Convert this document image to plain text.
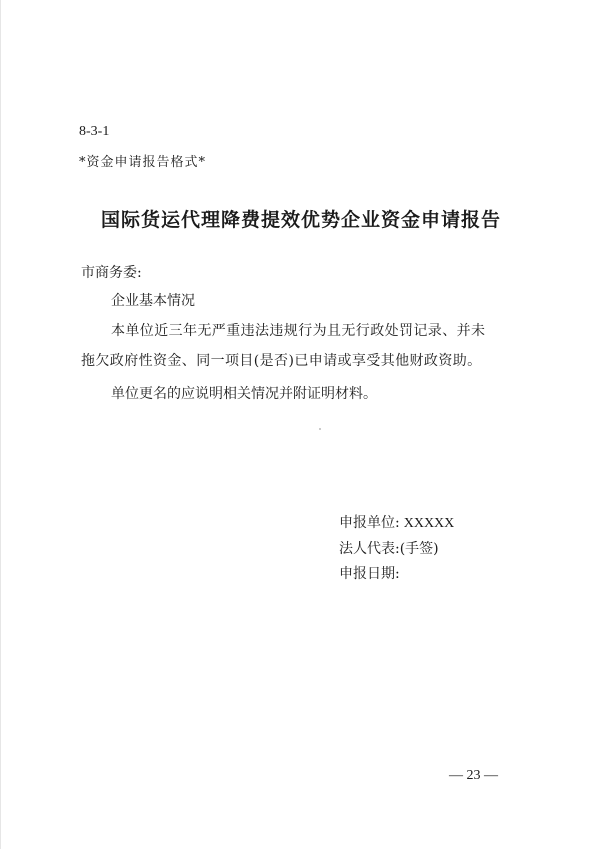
8-3-1
*资金申请报告格式*
国际货运代理降费提效优势企业资金申请报告
市商务委:
企业基本情况
本单位近三年无严重违法违规行为且无行政处罚记录、并未
拖欠政府性资金、同一项目(是否)已申请或享受其他财政资助。
单位更名的应说明相关情况并附证明材料。
申报单位: XXXXX
法人代表:(手签)
申报日期:
— 23 —
